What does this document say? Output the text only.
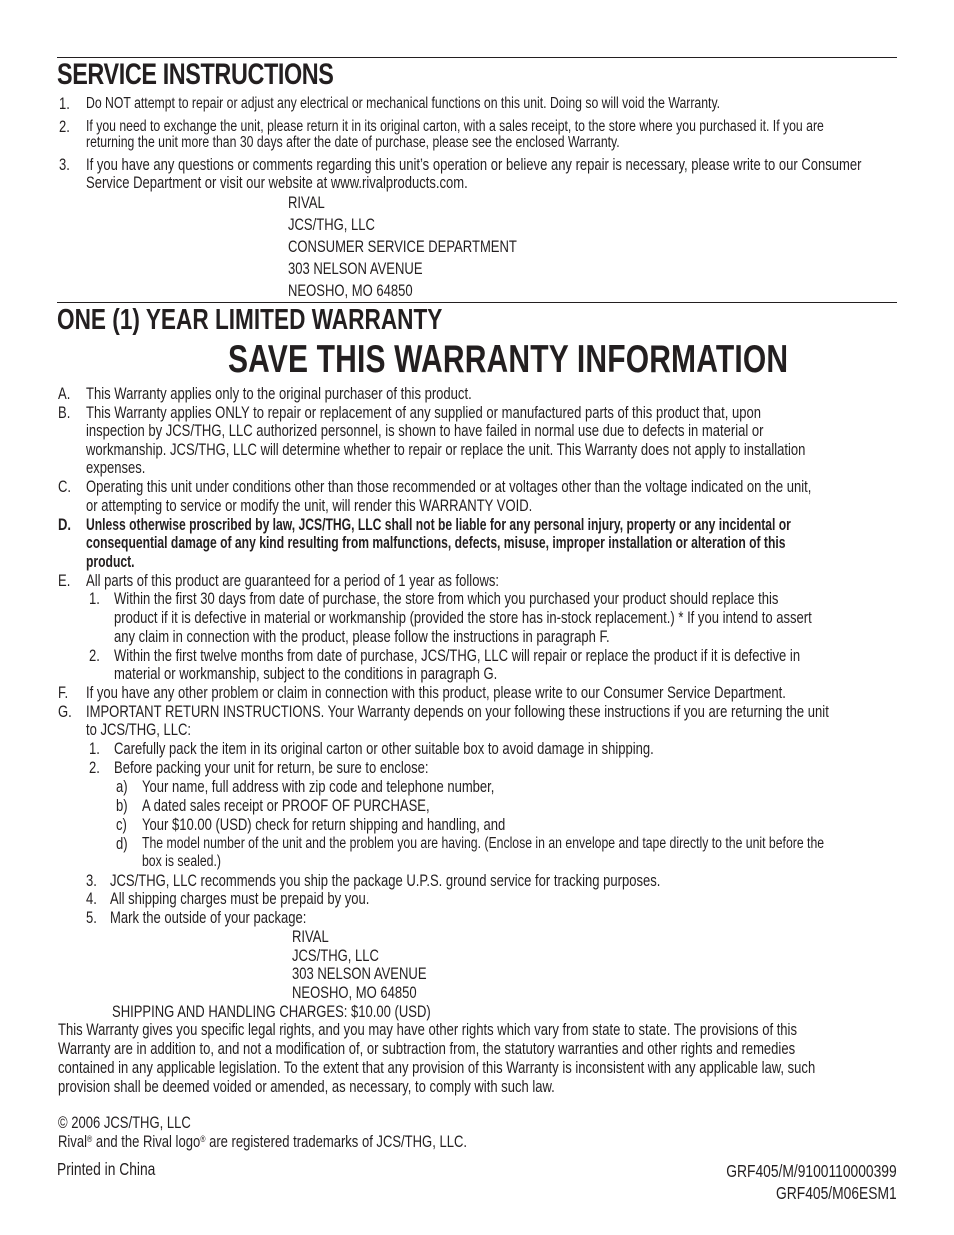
SERVICE INSTRUCTIONS
1. Do NOT attempt to repair or adjust any electrical or mechanical functions on this unit. Doing so will void the Warranty.
2. If you need to exchange the unit, please return it in its original carton, with a sales receipt, to the store where you purchased it. If you are
returning the unit more than 30 days after the date of purchase, please see the enclosed Warranty.
3. If you have any questions or comments regarding this unit’s operation or believe any repair is necessary, please write to our Consumer
Service Department or visit our website at www.rivalproducts.com.
RIVAL
JCS/THG, LLC
CONSUMER SERVICE DEPARTMENT
303 NELSON AVENUE
NEOSHO, MO 64850
ONE (1) YEAR LIMITED WARRANTY
SAVE THIS WARRANTY INFORMATION
A. This Warranty applies only to the original purchaser of this product.
B. This Warranty applies ONLY to repair or replacement of any supplied or manufactured parts of this product that, upon
inspection by JCS/THG, LLC authorized personnel, is shown to have failed in normal use due to defects in material or
workmanship. JCS/THG, LLC will determine whether to repair or replace the unit. This Warranty does not apply to installation
expenses.
C. Operating this unit under conditions other than those recommended or at voltages other than the voltage indicated on the unit,
or attempting to service or modify the unit, will render this WARRANTY VOID.
D. Unless otherwise proscribed by law, JCS/THG, LLC shall not be liable for any personal injury, property or any incidental or
consequential damage of any kind resulting from malfunctions, defects, misuse, improper installation or alteration of this
product.
E. All parts of this product are guaranteed for a period of 1 year as follows:
1. Within the first 30 days from date of purchase, the store from which you purchased your product should replace this
product if it is defective in material or workmanship (provided the store has in-stock replacement.) * If you intend to assert
any claim in connection with the product, please follow the instructions in paragraph F.
2. Within the first twelve months from date of purchase, JCS/THG, LLC will repair or replace the product if it is defective in
material or workmanship, subject to the conditions in paragraph G.
F. If you have any other problem or claim in connection with this product, please write to our Consumer Service Department.
G. IMPORTANT RETURN INSTRUCTIONS. Your Warranty depends on your following these instructions if you are returning the unit
to JCS/THG, LLC:
1. Carefully pack the item in its original carton or other suitable box to avoid damage in shipping.
2. Before packing your unit for return, be sure to enclose:
a) Your name, full address with zip code and telephone number,
b) A dated sales receipt or PROOF OF PURCHASE,
c) Your $10.00 (USD) check for return shipping and handling, and
d) The model number of the unit and the problem you are having. (Enclose in an envelope and tape directly to the unit before the
box is sealed.)
3. JCS/THG, LLC recommends you ship the package U.P.S. ground service for tracking purposes.
4. All shipping charges must be prepaid by you.
5. Mark the outside of your package:
RIVAL
JCS/THG, LLC
303 NELSON AVENUE
NEOSHO, MO 64850
SHIPPING AND HANDLING CHARGES: $10.00 (USD)
This Warranty gives you specific legal rights, and you may have other rights which vary from state to state. The provisions of this
Warranty are in addition to, and not a modification of, or subtraction from, the statutory warranties and other rights and remedies
contained in any applicable legislation. To the extent that any provision of this Warranty is inconsistent with any applicable law, such
provision shall be deemed voided or amended, as necessary, to comply with such law.
© 2006 JCS/THG, LLC
Rival® and the Rival logo® are registered trademarks of JCS/THG, LLC.
Printed in China	GRF405/M/9100110000399
GRF405/M06ESM1
